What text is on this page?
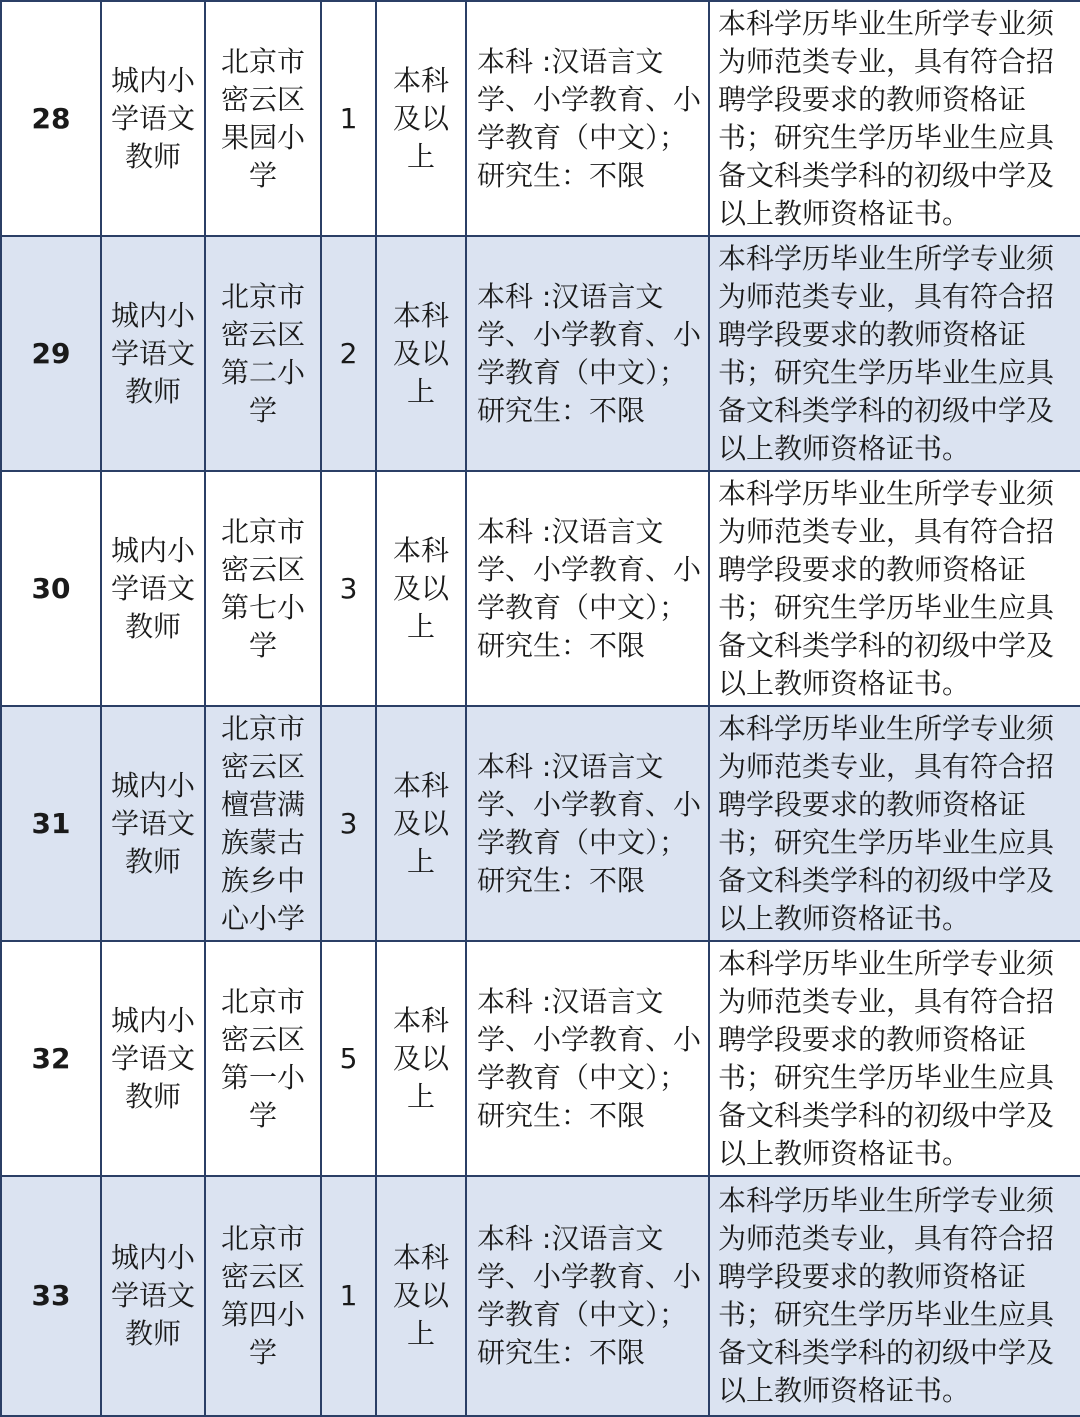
28	城内小学语文教师	北京市密云区果园小学	1	本科及以上	本科 :汉语言文学、小学教育、小学教育（中文）；研究生：不限	本科学历毕业生所学专业须为师范类专业，具有符合招聘学段要求的教师资格证书；研究生学历毕业生应具备文科类学科的初级中学及以上教师资格证书。

29	城内小学语文教师	北京市密云区第二小学	2	本科及以上	本科 :汉语言文学、小学教育、小学教育（中文）；研究生：不限	本科学历毕业生所学专业须为师范类专业，具有符合招聘学段要求的教师资格证书；研究生学历毕业生应具备文科类学科的初级中学及以上教师资格证书。

30	城内小学语文教师	北京市密云区第七小学	3	本科及以上	本科 :汉语言文学、小学教育、小学教育（中文）；研究生：不限	本科学历毕业生所学专业须为师范类专业，具有符合招聘学段要求的教师资格证书；研究生学历毕业生应具备文科类学科的初级中学及以上教师资格证书。

31	城内小学语文教师	北京市密云区檀营满族蒙古族乡中心小学	3	本科及以上	本科 :汉语言文学、小学教育、小学教育（中文）；研究生：不限	本科学历毕业生所学专业须为师范类专业，具有符合招聘学段要求的教师资格证书；研究生学历毕业生应具备文科类学科的初级中学及以上教师资格证书。

32	城内小学语文教师	北京市密云区第一小学	5	本科及以上	本科 :汉语言文学、小学教育、小学教育（中文）；研究生：不限	本科学历毕业生所学专业须为师范类专业，具有符合招聘学段要求的教师资格证书；研究生学历毕业生应具备文科类学科的初级中学及以上教师资格证书。

33	城内小学语文教师	北京市密云区第四小学	1	本科及以上	本科 :汉语言文学、小学教育、小学教育（中文）；研究生：不限	本科学历毕业生所学专业须为师范类专业，具有符合招聘学段要求的教师资格证书；研究生学历毕业生应具备文科类学科的初级中学及以上教师资格证书。
